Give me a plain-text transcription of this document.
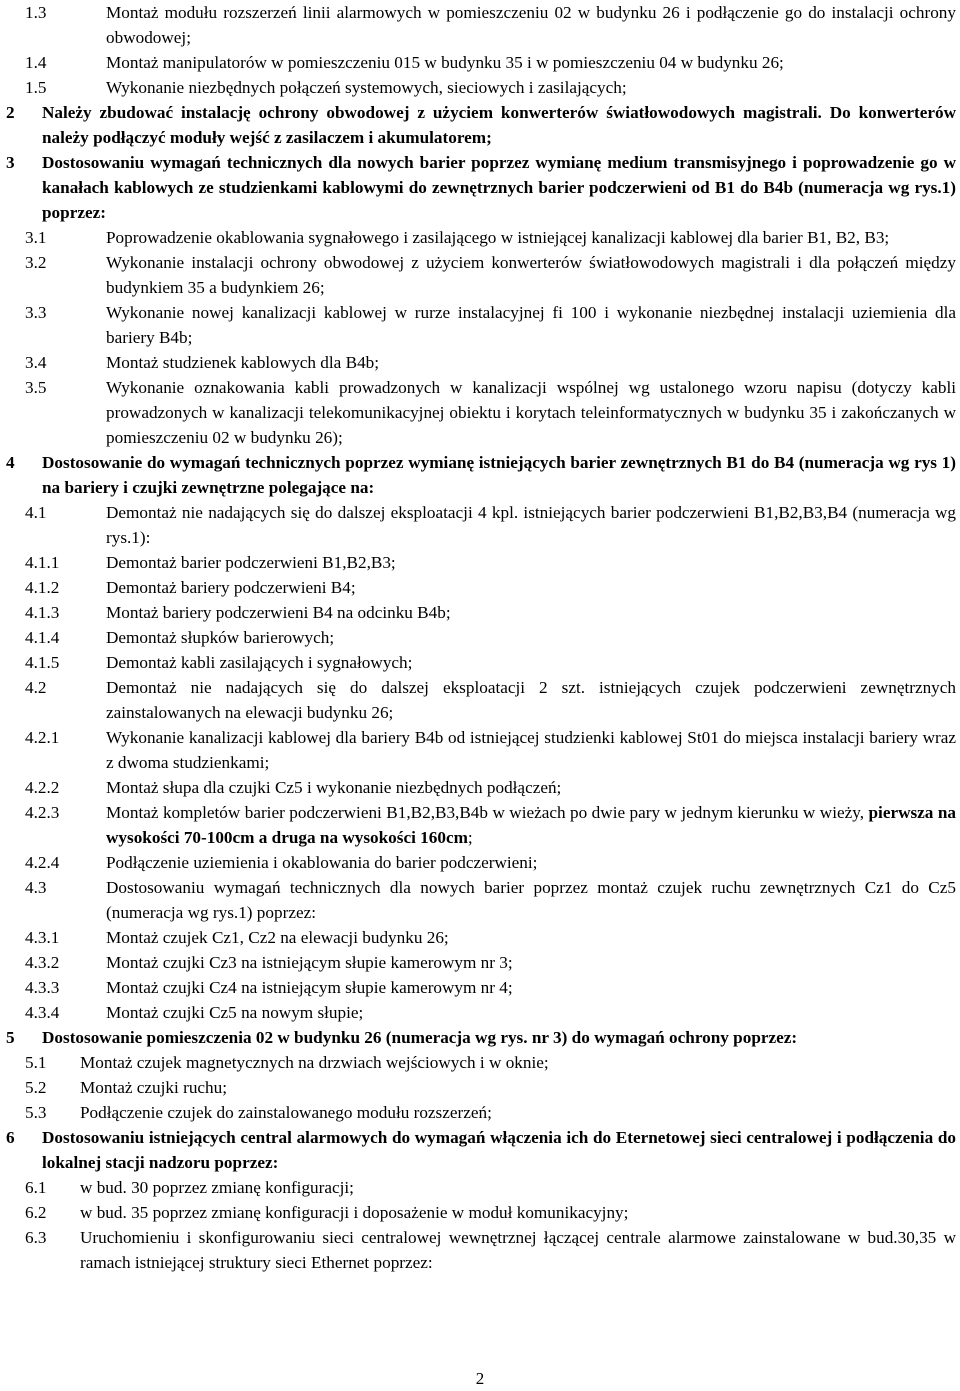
1.3	Montaż modułu rozszerzeń linii alarmowych w pomieszczeniu 02 w budynku 26 i podłączenie go do instalacji ochrony obwodowej;
1.4	Montaż manipulatorów w pomieszczeniu 015 w budynku 35 i w pomieszczeniu 04 w budynku 26;
1.5	Wykonanie niezbędnych połączeń systemowych, sieciowych i zasilających;
2 Należy zbudować instalację ochrony obwodowej z użyciem konwerterów światłowodowych magistrali. Do konwerterów należy podłączyć moduły wejść z zasilaczem i akumulatorem;
3 Dostosowaniu wymagań technicznych dla nowych barier poprzez wymianę medium transmisyjnego i poprowadzenie go w kanałach kablowych ze studzienkami kablowymi do zewnętrznych barier podczerwieni od B1 do B4b (numeracja wg rys.1) poprzez:
3.1	Poprowadzenie okablowania sygnałowego i zasilającego w istniejącej kanalizacji kablowej dla barier B1, B2, B3;
3.2	Wykonanie instalacji ochrony obwodowej z użyciem konwerterów światłowodowych magistrali i dla połączeń między budynkiem 35 a budynkiem 26;
3.3	Wykonanie nowej kanalizacji kablowej w rurze instalacyjnej fi 100 i wykonanie niezbędnej instalacji uziemienia dla bariery B4b;
3.4	Montaż studzienek kablowych dla B4b;
3.5	Wykonanie oznakowania kabli prowadzonych w kanalizacji wspólnej wg ustalonego wzoru napisu (dotyczy kabli prowadzonych w kanalizacji telekomunikacyjnej obiektu i korytach teleinformatycznych w budynku 35 i zakończanych w pomieszczeniu 02 w budynku 26);
4 Dostosowanie do wymagań technicznych poprzez wymianę istniejących barier zewnętrznych B1 do B4 (numeracja wg rys 1) na bariery i czujki zewnętrzne polegające na:
4.1	Demontaż nie nadających się do dalszej eksploatacji 4 kpl. istniejących barier podczerwieni B1,B2,B3,B4 (numeracja wg rys.1):
4.1.1	Demontaż barier podczerwieni B1,B2,B3;
4.1.2	Demontaż bariery podczerwieni B4;
4.1.3	Montaż bariery podczerwieni B4 na odcinku B4b;
4.1.4	Demontaż słupków barierowych;
4.1.5	Demontaż kabli zasilających i sygnałowych;
4.2	Demontaż nie nadających się do dalszej eksploatacji 2 szt. istniejących czujek podczerwieni zewnętrznych zainstalowanych na elewacji budynku 26;
4.2.1	Wykonanie kanalizacji kablowej dla bariery B4b od istniejącej studzienki kablowej St01 do miejsca instalacji bariery wraz z dwoma studzienkami;
4.2.2	Montaż słupa dla czujki Cz5 i wykonanie niezbędnych podłączeń;
4.2.3	Montaż kompletów barier podczerwieni B1,B2,B3,B4b w wieżach po dwie pary w jednym kierunku w wieży, pierwsza na wysokości 70-100cm a druga na wysokości 160cm;
4.2.4	Podłączenie uziemienia i okablowania do barier podczerwieni;
4.3	Dostosowaniu wymagań technicznych dla nowych barier poprzez montaż czujek ruchu zewnętrznych Cz1 do Cz5 (numeracja wg rys.1) poprzez:
4.3.1	Montaż czujek Cz1, Cz2 na elewacji budynku 26;
4.3.2	Montaż czujki Cz3 na istniejącym słupie kamerowym nr 3;
4.3.3	Montaż czujki Cz4 na istniejącym słupie kamerowym nr 4;
4.3.4	Montaż czujki Cz5 na nowym słupie;
5 Dostosowanie pomieszczenia 02 w budynku 26 (numeracja wg rys. nr 3) do wymagań ochrony poprzez:
5.1 Montaż czujek magnetycznych na drzwiach wejściowych i w oknie;
5.2 Montaż czujki ruchu;
5.3 Podłączenie czujek do zainstalowanego modułu rozszerzeń;
6 Dostosowaniu istniejących central alarmowych do wymagań włączenia ich do Eternetowej sieci centralowej i podłączenia do lokalnej stacji nadzoru poprzez:
6.1 w bud. 30 poprzez zmianę konfiguracji;
6.2 w bud. 35 poprzez zmianę konfiguracji i doposażenie w moduł komunikacyjny;
6.3 Uruchomieniu i skonfigurowaniu sieci centralowej wewnętrznej łączącej centrale alarmowe zainstalowane w bud.30,35 w ramach istniejącej struktury sieci Ethernet poprzez:
2
